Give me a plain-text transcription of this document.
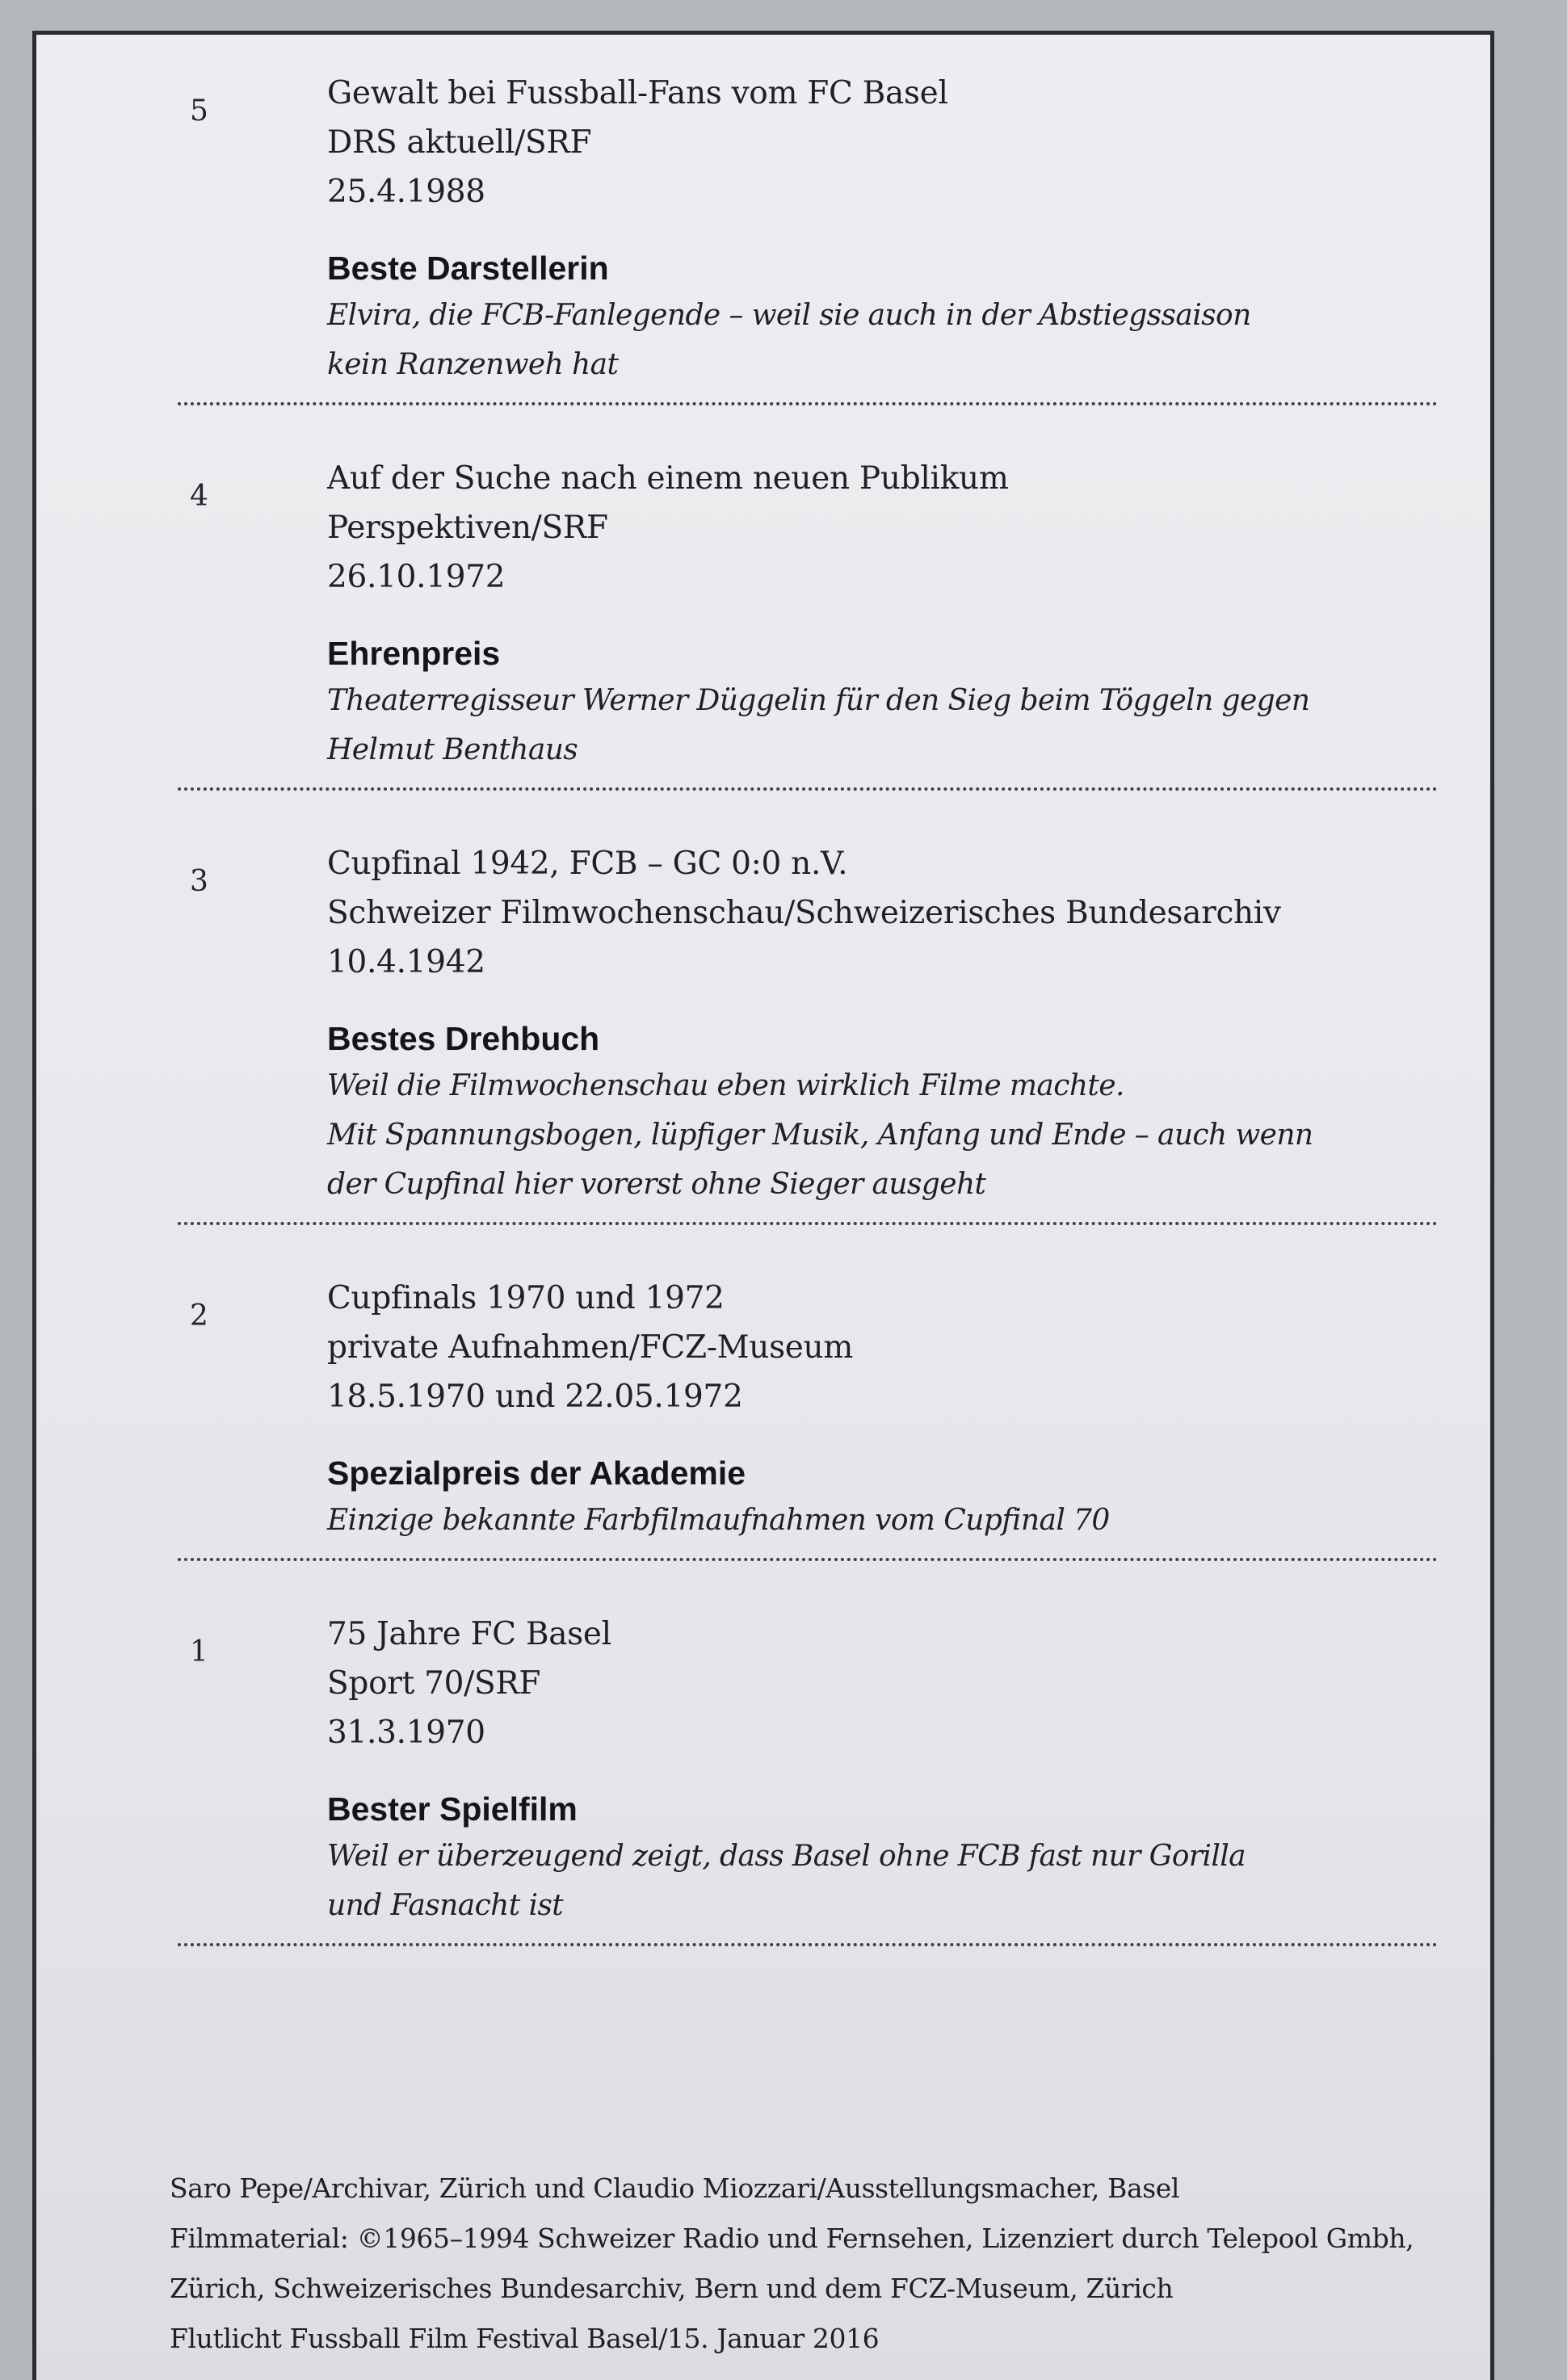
5	Gewalt bei Fussball-Fans vom FC Basel
DRS aktuell/SRF
25.4.1988
Beste Darstellerin
Elvira, die FCB-Fanlegende – weil sie auch in der Abstiegssaison
kein Ranzenweh hat
4	Auf der Suche nach einem neuen Publikum
Perspektiven/SRF
26.10.1972
Ehrenpreis
Theaterregisseur Werner Düggelin für den Sieg beim Töggeln gegen
Helmut Benthaus
3	Cupfinal 1942, FCB – GC 0:0 n.V.
Schweizer Filmwochenschau/Schweizerisches Bundesarchiv
10.4.1942
Bestes Drehbuch
Weil die Filmwochenschau eben wirklich Filme machte.
Mit Spannungsbogen, lüpfiger Musik, Anfang und Ende – auch wenn
der Cupfinal hier vorerst ohne Sieger ausgeht
2	Cupfinals 1970 und 1972
private Aufnahmen/FCZ-Museum
18.5.1970 und 22.05.1972
Spezialpreis der Akademie
Einzige bekannte Farbfilmaufnahmen vom Cupfinal 70
1	75 Jahre FC Basel
Sport 70/SRF
31.3.1970
Bester Spielfilm
Weil er überzeugend zeigt, dass Basel ohne FCB fast nur Gorilla
und Fasnacht ist
Saro Pepe/Archivar, Zürich und Claudio Miozzari/Ausstellungsmacher, Basel
Filmmaterial: ©1965–1994 Schweizer Radio und Fernsehen, Lizenziert durch Telepool Gmbh,
Zürich, Schweizerisches Bundesarchiv, Bern und dem FCZ-Museum, Zürich
Flutlicht Fussball Film Festival Basel/15. Januar 2016
